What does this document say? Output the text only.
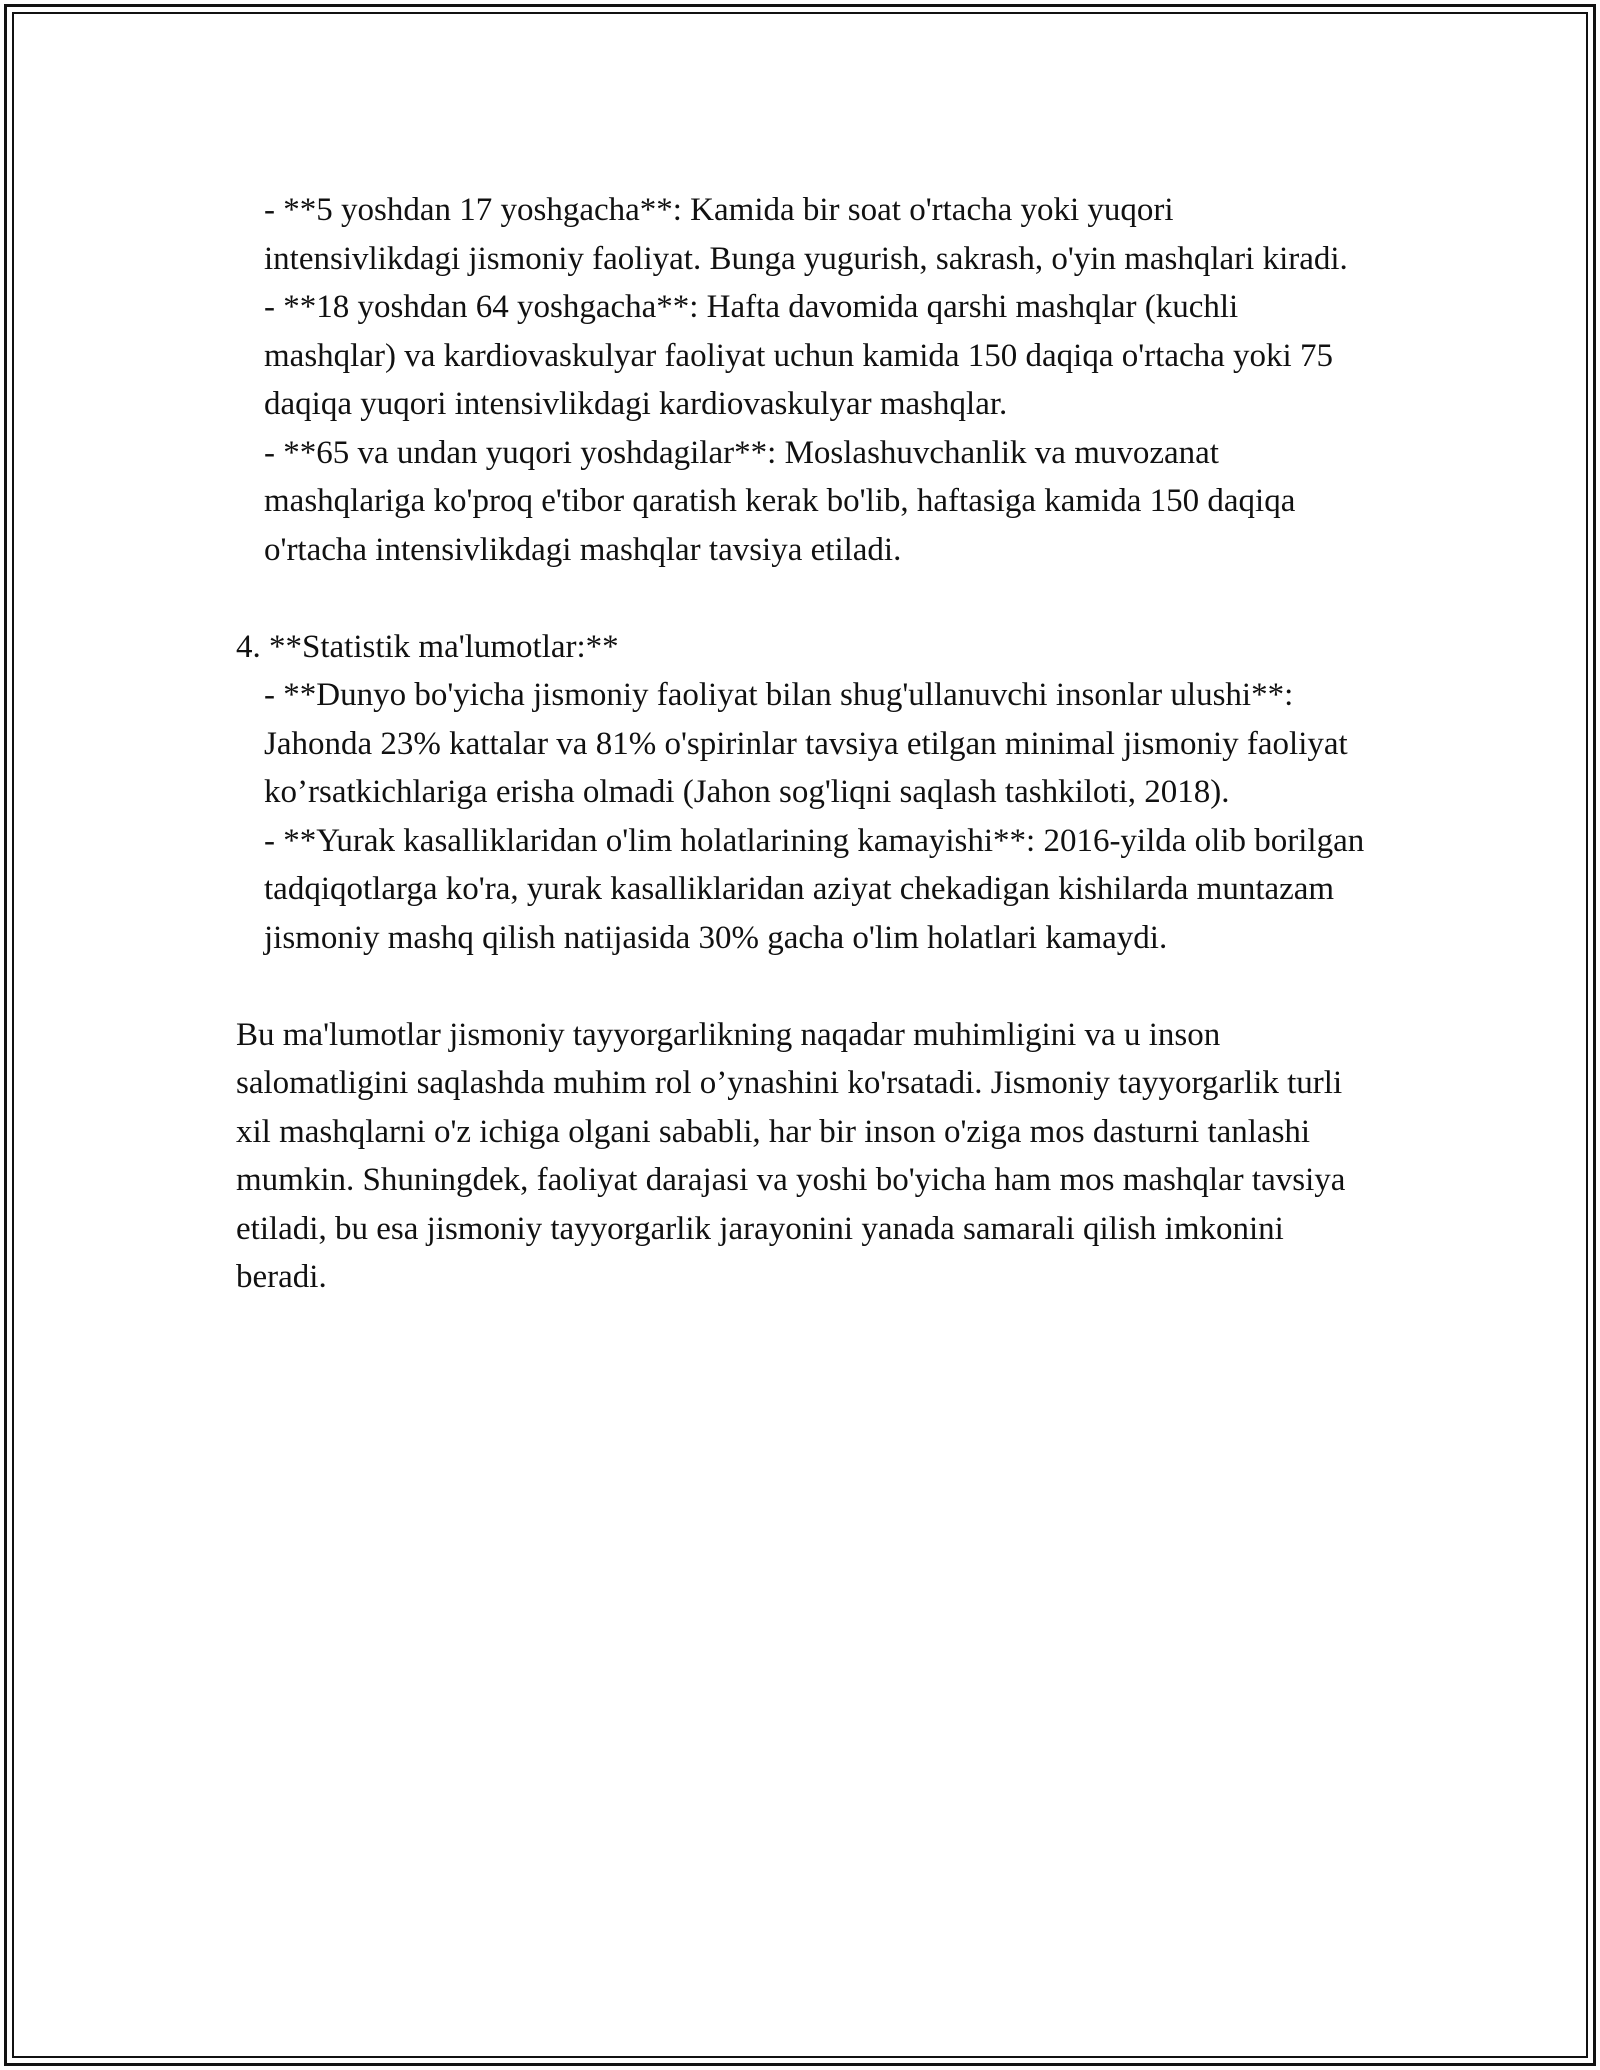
- **5 yoshdan 17 yoshgacha**: Kamida bir soat o'rtacha yoki yuqori intensivlikdagi jismoniy faoliyat. Bunga yugurish, sakrash, o'yin mashqlari kiradi.

- **18 yoshdan 64 yoshgacha**: Hafta davomida qarshi mashqlar (kuchli mashqlar) va kardiovaskulyar faoliyat uchun kamida 150 daqiqa o'rtacha yoki 75 daqiqa yuqori intensivlikdagi kardiovaskulyar mashqlar.

- **65 va undan yuqori yoshdagilar**: Moslashuvchanlik va muvozanat mashqlariga ko'proq e'tibor qaratish kerak bo'lib, haftasiga kamida 150 daqiqa o'rtacha intensivlikdagi mashqlar tavsiya etiladi.

4. **Statistik ma'lumotlar:**

- **Dunyo bo'yicha jismoniy faoliyat bilan shug'ullanuvchi insonlar ulushi**: Jahonda 23% kattalar va 81% o'spirinlar tavsiya etilgan minimal jismoniy faoliyat ko’rsatkichlariga erisha olmadi (Jahon sog'liqni saqlash tashkiloti, 2018).

- **Yurak kasalliklaridan o'lim holatlarining kamayishi**: 2016-yilda olib borilgan tadqiqotlarga ko'ra, yurak kasalliklaridan aziyat chekadigan kishilarda muntazam jismoniy mashq qilish natijasida 30% gacha o'lim holatlari kamaydi.

Bu ma'lumotlar jismoniy tayyorgarlikning naqadar muhimligini va u inson salomatligini saqlashda muhim rol o’ynashini ko'rsatadi. Jismoniy tayyorgarlik turli xil mashqlarni o'z ichiga olgani sababli, har bir inson o'ziga mos dasturni tanlashi mumkin. Shuningdek, faoliyat darajasi va yoshi bo'yicha ham mos mashqlar tavsiya etiladi, bu esa jismoniy tayyorgarlik jarayonini yanada samarali qilish imkonini beradi.
